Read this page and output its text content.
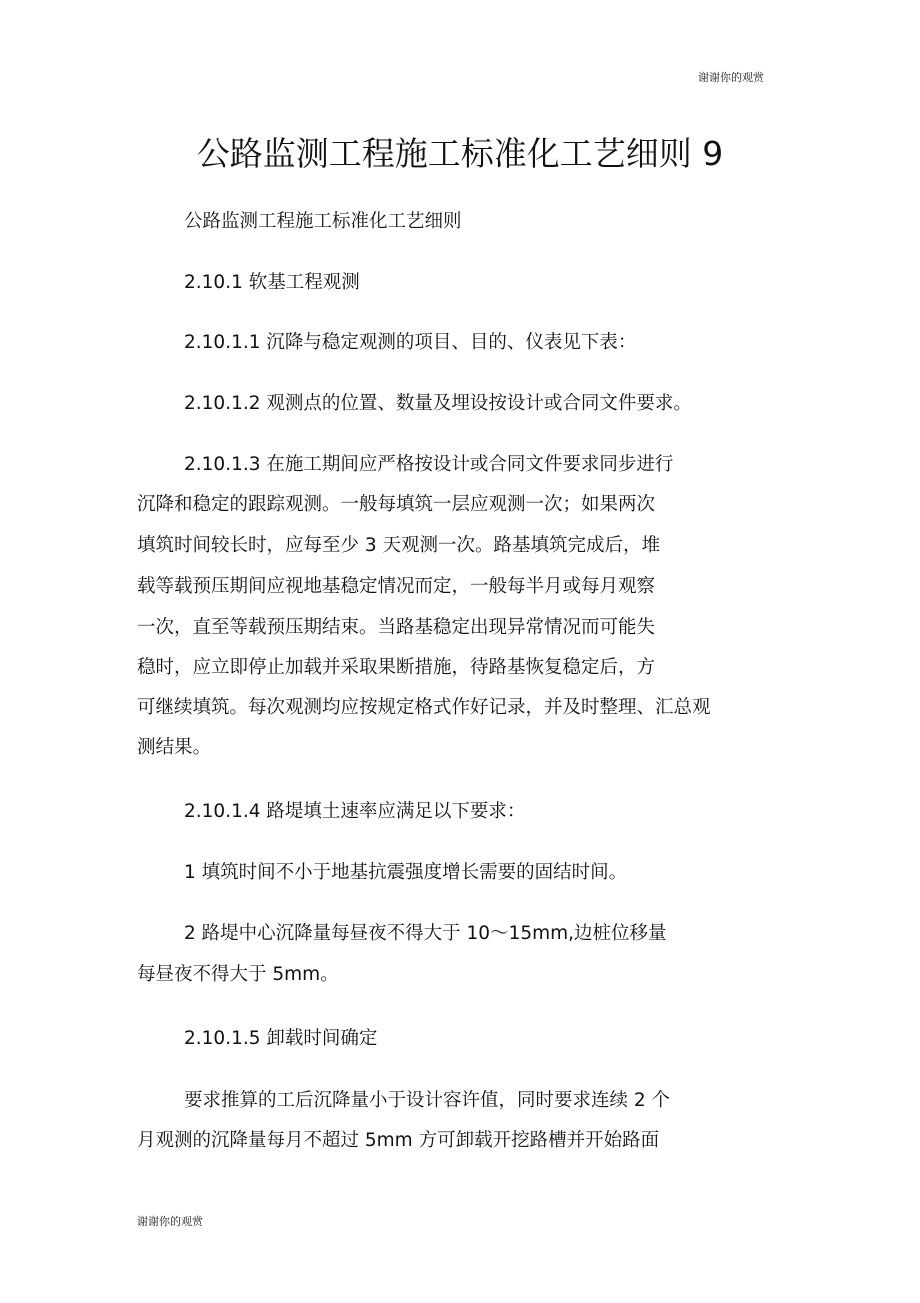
谢谢你的观赏
公路监测工程施工标准化工艺细则 9
公路监测工程施工标准化工艺细则
2.10.1 软基工程观测
2.10.1.1 沉降与稳定观测的项目、目的、仪表见下表：
2.10.1.2 观测点的位置、数量及埋设按设计或合同文件要求。
2.10.1.3 在施工期间应严格按设计或合同文件要求同步进行
沉降和稳定的跟踪观测。一般每填筑一层应观测一次；如果两次
填筑时间较长时，应每至少 3 天观测一次。路基填筑完成后，堆
载等载预压期间应视地基稳定情况而定，一般每半月或每月观察
一次，直至等载预压期结束。当路基稳定出现异常情况而可能失
稳时，应立即停止加载并采取果断措施，待路基恢复稳定后，方
可继续填筑。每次观测均应按规定格式作好记录，并及时整理、汇总观
测结果。
2.10.1.4 路堤填土速率应满足以下要求：
1 填筑时间不小于地基抗震强度增长需要的固结时间。
2 路堤中心沉降量每昼夜不得大于 10～15mm,边桩位移量
每昼夜不得大于 5mm。
2.10.1.5 卸载时间确定
要求推算的工后沉降量小于设计容许值，同时要求连续 2 个
月观测的沉降量每月不超过 5mm 方可卸载开挖路槽并开始路面
谢谢你的观赏
